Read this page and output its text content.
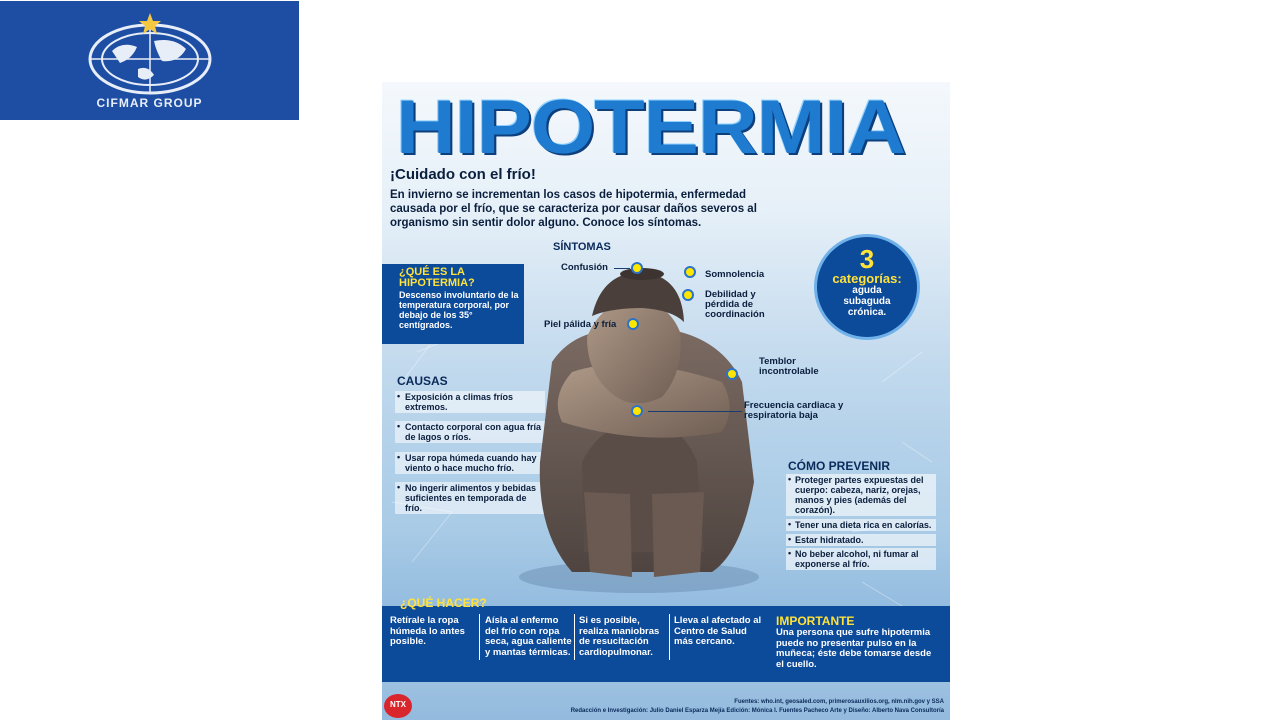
CIFMAR GROUP	HIPOTERMIA
¡Cuidado con el frío!
En invierno se incrementan los casos de hipotermia, enfermedad causada por el frío, que se caracteriza por causar daños severos al organismo sin sentir dolor alguno. Conoce los síntomas.
¿QUÉ ES LA HIPOTERMIA?
Descenso involuntario de la temperatura corporal, por debajo de los 35° centígrados.
CAUSAS
• Exposición a climas fríos extremos.
• Contacto corporal con agua fría de lagos o ríos.
• Usar ropa húmeda cuando hay viento o hace mucho frío.
• No ingerir alimentos y bebidas suficientes en temporada de frío.
SÍNTOMAS
Confusión
Somnolencia
Debilidad y pérdida de coordinación
Piel pálida y fría
Temblor incontrolable
Frecuencia cardiaca y respiratoria baja
3
categorías:
aguda
subaguda
crónica.
CÓMO PREVENIR
• Proteger partes expuestas del cuerpo: cabeza, nariz, orejas, manos y pies (además del corazón).
• Tener una dieta rica en calorías.
• Estar hidratado.
• No beber alcohol, ni fumar al exponerse al frío.
¿QUÉ HACER?
Retírale la ropa húmeda lo antes posible.
Aísla al enfermo del frío con ropa seca, agua caliente y mantas térmicas.
Si es posible, realiza maniobras de resucitación cardiopulmonar.
Lleva al afectado al Centro de Salud más cercano.
IMPORTANTE
Una persona que sufre hipotermia puede no presentar pulso en la muñeca; éste debe tomarse desde el cuello.
NTX	Fuentes: who.int, geosaled.com, primerosauxilios.org, nlm.nih.gov y SSA
Redacción e Investigación: Julio Daniel Esparza Mejía Edición: Mónica I. Fuentes Pacheco Arte y Diseño: Alberto Nava Consultoría
